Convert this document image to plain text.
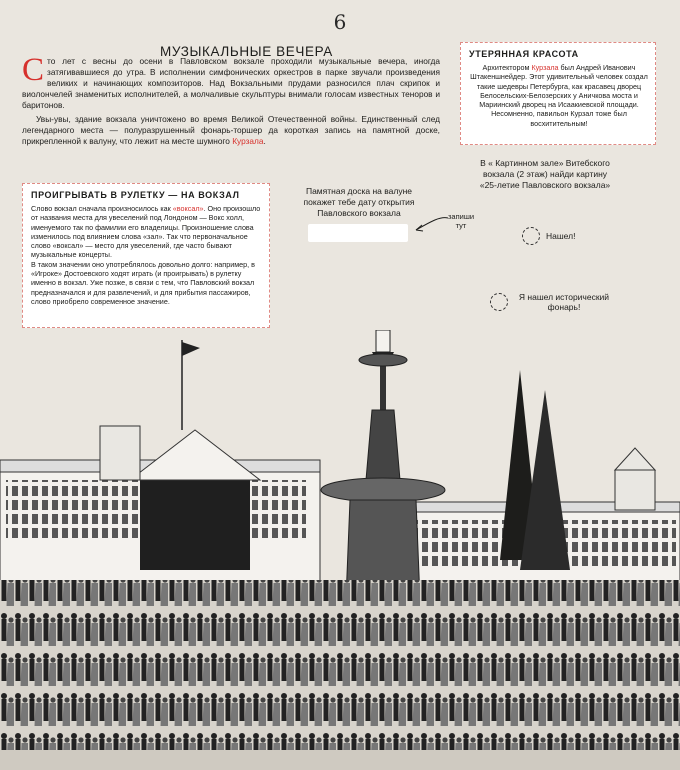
6
МУЗЫКАЛЬНЫЕ ВЕЧЕРА

Сто лет с весны до осени в Павловском вокзале проходили музыкальные вечера, иногда затягивавшиеся до утра. В исполнении симфонических оркестров в парке звучали произведения великих и начинающих композиторов. Над Вокзальными прудами разносился плач скрипок и виолончелей знаменитых исполнителей, а молчаливые скульптуры внимали голосам известных теноров и баритонов.

Увы-увы, здание вокзала уничтожено во время Великой Отечественной войны. Единственный след легендарного места — полуразрушенный фонарь-торшер да короткая запись на памятной доске, прикрепленной к валуну, что лежит на месте шумного Курзала.

УТЕРЯННАЯ КРАСОТА
Архитектором Курзала был Андрей Иванович Штакеншнейдер. Этот удивительный человек создал такие шедевры Петербурга, как красавец дворец Белосельских-Белозерских у Аничкова моста и Мариинский дворец на Исаакиевской площади. Несомненно, павильон Курзал тоже был восхитительным!
ПРОИГРЫВАТЬ В РУЛЕТКУ — НА ВОКЗАЛ
Слово вокзал сначала произносилось как «воксал». Оно произошло от названия места для увеселений под Лондоном — Вокс холл, именуемого так по фамилии его владелицы. Произношение слова изменилось под влиянием слова «зал». Так что первоначальное слово «воксал» — место для увеселений, где часто бывают музыкальные концерты.
В таком значении оно употреблялось довольно долго: например, в «Игроке» Достоевского ходят играть (и проигрывать) в рулетку именно в вокзал. Уже позже, в связи с тем, что Павловский вокзал предназначался и для развлечений, и для прибытия пассажиров, слово приобрело современное значение.
Памятная доска на валуне покажет тебе дату открытия Павловского вокзала	запиши тут
В « Картинном зале» Витебского вокзала (2 этаж) найди картину «25-летие Павловского вокзала»
Нашел!
Я нашел исторический фонарь!
